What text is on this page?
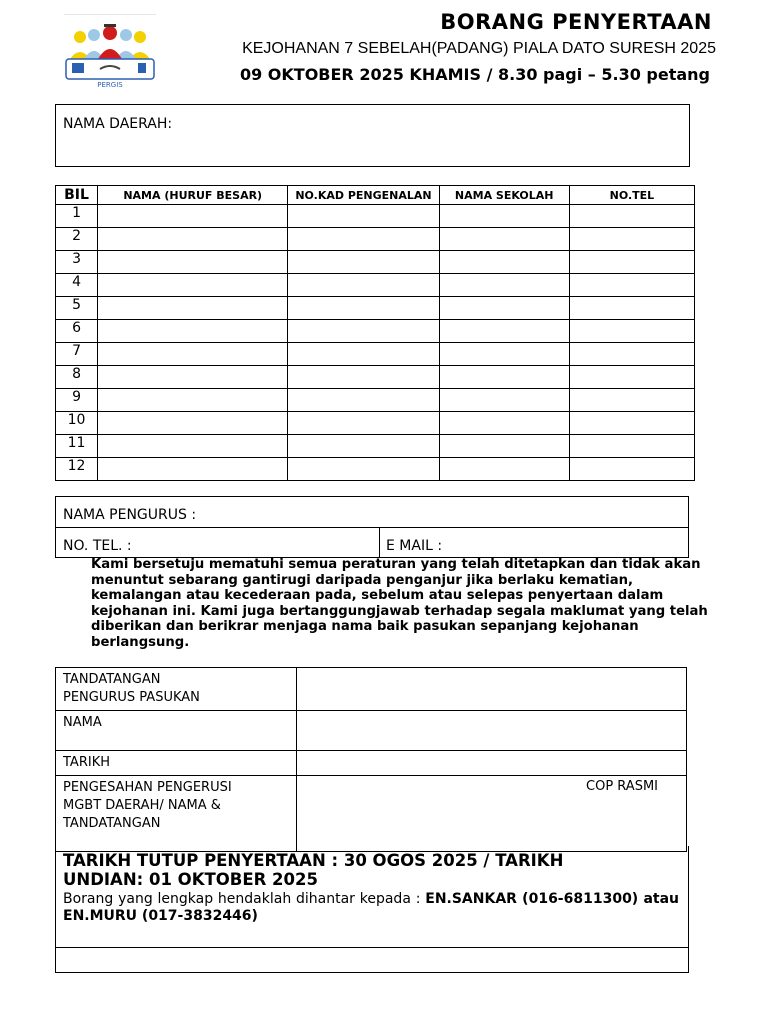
PERGIS
BORANG PENYERTAAN
KEJOHANAN 7 SEBELAH(PADANG) PIALA DATO SURESH 2025
09 OKTOBER 2025 KHAMIS / 8.30 pagi – 5.30 petang
NAMA DAERAH:
BIL	NAMA (HURUF BESAR)	NO.KAD PENGENALAN	NAMA SEKOLAH	NO.TEL
1				
2				
3				
4				
5				
6				
7				
8				
9				
10				
11				
12				
NAMA PENGURUS :
NO. TEL. :	E MAIL :
Kami bersetuju mematuhi semua peraturan yang telah ditetapkan dan tidak akan menuntut sebarang gantirugi daripada penganjur jika berlaku kematian, kemalangan atau kecederaan pada, sebelum atau selepas penyertaan dalam kejohanan ini. Kami juga bertanggungjawab terhadap segala maklumat yang telah diberikan dan berikrar menjaga nama baik pasukan sepanjang kejohanan berlangsung.
TANDATANGAN
PENGURUS PASUKAN	

NAMA	
TARIKH	

PENGESAHAN PENGERUSI
MGBT DAERAH/ NAMA &
TANDATANGAN	COP RASMI
TARIKH TUTUP PENYERTAAN : 30 OGOS 2025 / TARIKH
UNDIAN: 01 OKTOBER 2025
Borang yang lengkap hendaklah dihantar kepada : EN.SANKAR (016-6811300) atau EN.MURU (017-3832446)
